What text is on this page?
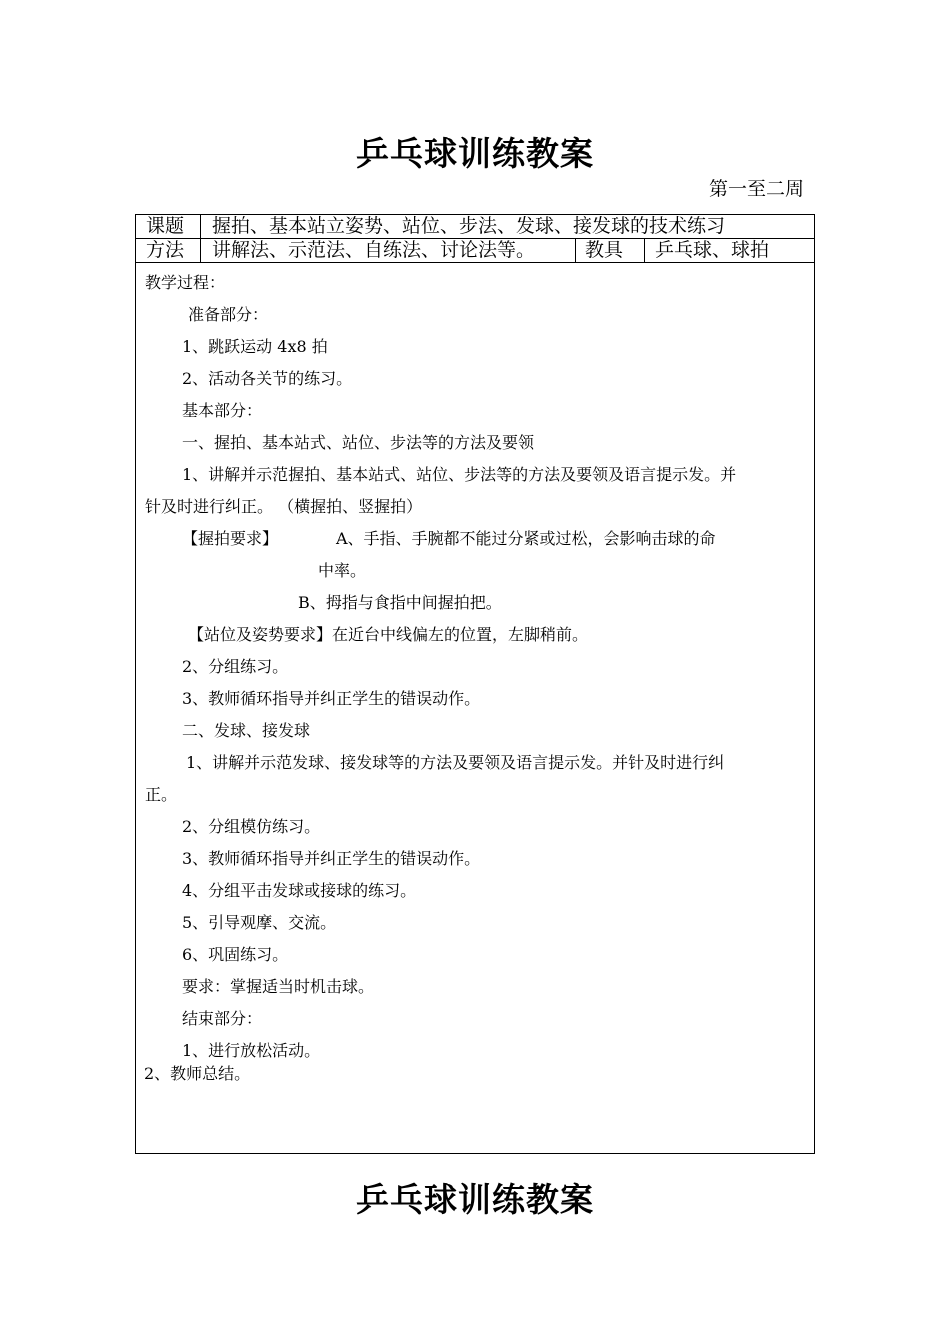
乒乓球训练教案
第一至二周
课题 握拍、基本站立姿势、站位、步法、发球、接发球的技术练习
方法 讲解法、示范法、自练法、讨论法等。	教具 乒乓球、球拍
教学过程：
准备部分：
1、跳跃运动 4x8 拍
2、活动各关节的练习。
基本部分：
一、握拍、基本站式、站位、步法等的方法及要领
1、讲解并示范握拍、基本站式、站位、步法等的方法及要领及语言提示发。并
针及时进行纠正。 （横握拍、竖握拍）
【握拍要求】	A、手指、手腕都不能过分紧或过松，会影响击球的命
中率。
B、拇指与食指中间握拍把。
【站位及姿势要求】在近台中线偏左的位置，左脚稍前。
2、分组练习。
3、教师循环指导并纠正学生的错误动作。
二、发球、接发球
1、讲解并示范发球、接发球等的方法及要领及语言提示发。并针及时进行纠
正。
2、分组模仿练习。
3、教师循环指导并纠正学生的错误动作。
4、分组平击发球或接球的练习。
5、引导观摩、交流。
6、巩固练习。
要求：掌握适当时机击球。
结束部分：
1、进行放松活动。
2、教师总结。
乒乓球训练教案
